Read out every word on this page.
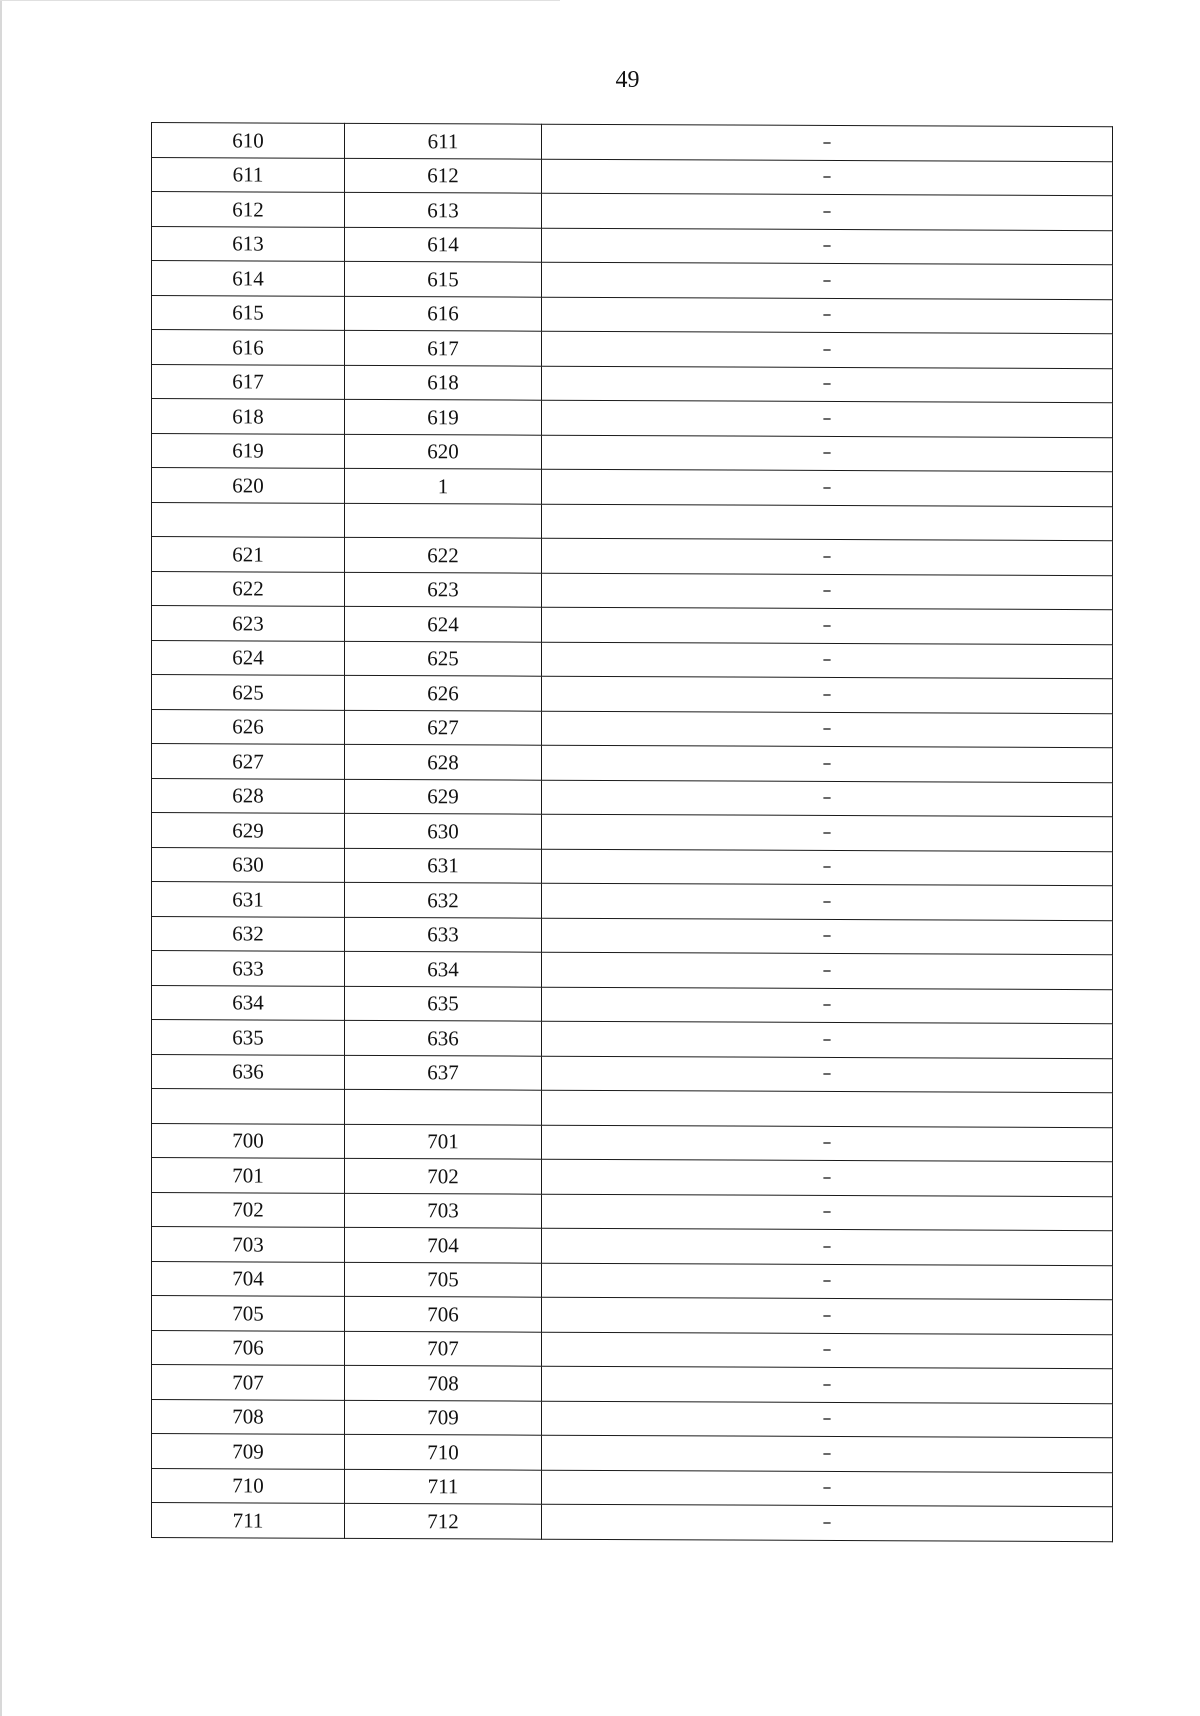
49
610	611	–
611	612	–
612	613	–
613	614	–
614	615	–
615	616	–
616	617	–
617	618	–
618	619	–
619	620	–
620	1	–

621	622	–
622	623	–
623	624	–
624	625	–
625	626	–
626	627	–
627	628	–
628	629	–
629	630	–
630	631	–
631	632	–
632	633	–
633	634	–
634	635	–
635	636	–
636	637	–

700	701	–
701	702	–
702	703	–
703	704	–
704	705	–
705	706	–
706	707	–
707	708	–
708	709	–
709	710	–
710	711	–
711	712	–
